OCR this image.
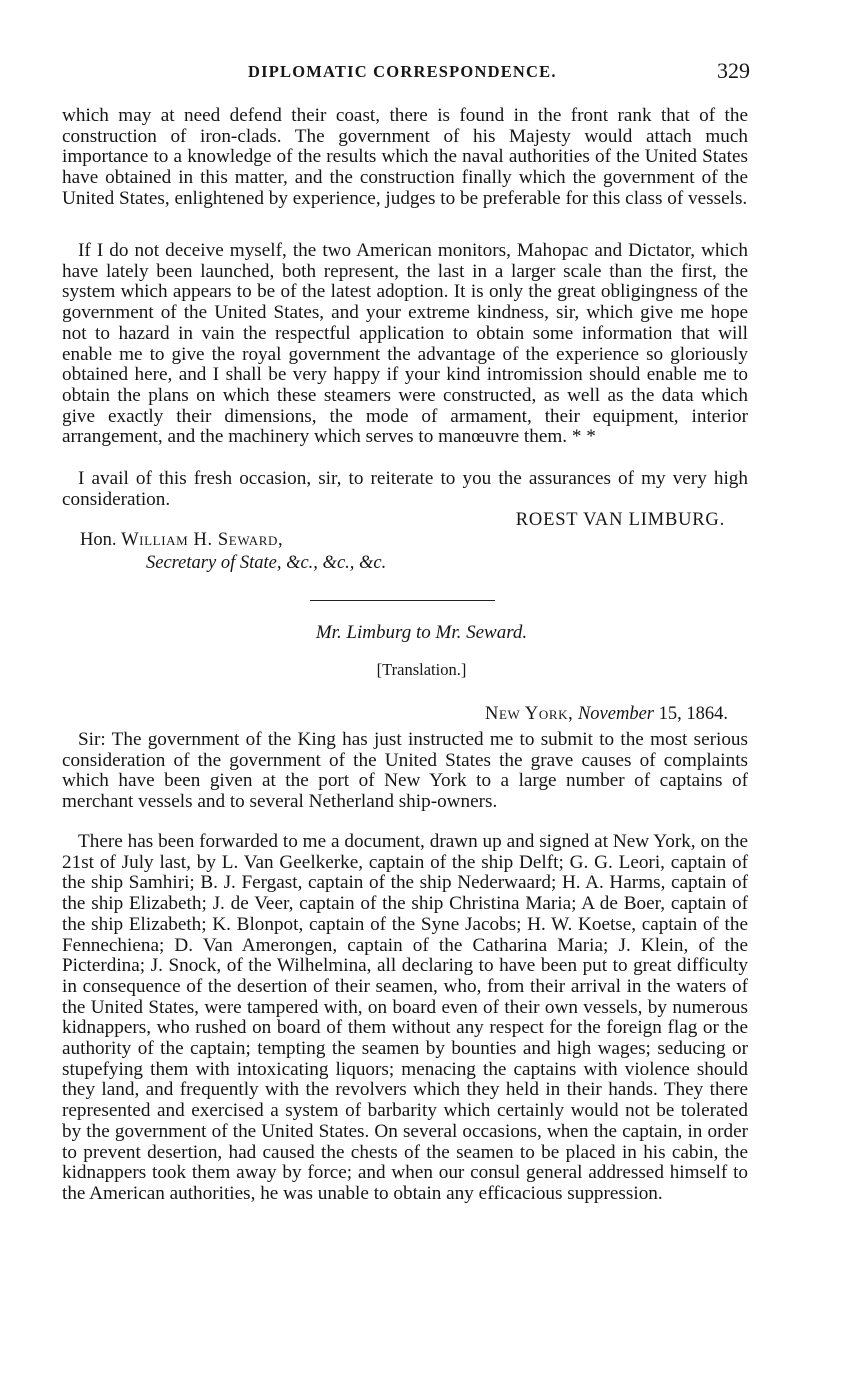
DIPLOMATIC CORRESPONDENCE.	329

which may at need defend their coast, there is found in the front rank that of the construction of iron-clads. The government of his Majesty would attach much importance to a knowledge of the results which the naval authorities of the United States have obtained in this matter, and the construction finally which the government of the United States, enlightened by experience, judges to be preferable for this class of vessels.

If I do not deceive myself, the two American monitors, Mahopac and Dictator, which have lately been launched, both represent, the last in a larger scale than the first, the system which appears to be of the latest adoption. It is only the great obligingness of the government of the United States, and your extreme kindness, sir, which give me hope not to hazard in vain the respectful application to obtain some information that will enable me to give the royal government the advantage of the experience so gloriously obtained here, and I shall be very happy if your kind intromission should enable me to obtain the plans on which these steamers were constructed, as well as the data which give exactly their dimensions, the mode of armament, their equipment, interior arrangement, and the machinery which serves to manœuvre them. * *

I avail of this fresh occasion, sir, to reiterate to you the assurances of my very high consideration.

ROEST VAN LIMBURG.
Hon. William H. Seward,
Secretary of State, &c., &c., &c.
Mr. Limburg to Mr. Seward.
[Translation.]
New York, November 15, 1864.

Sir: The government of the King has just instructed me to submit to the most serious consideration of the government of the United States the grave causes of complaints which have been given at the port of New York to a large number of captains of merchant vessels and to several Netherland ship-owners.

There has been forwarded to me a document, drawn up and signed at New York, on the 21st of July last, by L. Van Geelkerke, captain of the ship Delft; G. G. Leori, captain of the ship Samhiri; B. J. Fergast, captain of the ship Nederwaard; H. A. Harms, captain of the ship Elizabeth; J. de Veer, captain of the ship Christina Maria; A de Boer, captain of the ship Elizabeth; K. Blonpot, captain of the Syne Jacobs; H. W. Koetse, captain of the Fennechiena; D. Van Amerongen, captain of the Catharina Maria; J. Klein, of the Picterdina; J. Snock, of the Wilhelmina, all declaring to have been put to great difficulty in consequence of the desertion of their seamen, who, from their arrival in the waters of the United States, were tampered with, on board even of their own vessels, by numerous kidnappers, who rushed on board of them without any respect for the foreign flag or the authority of the captain; tempting the seamen by bounties and high wages; seducing or stupefying them with intoxicating liquors; menacing the captains with violence should they land, and frequently with the revolvers which they held in their hands. They there represented and exercised a system of barbarity which certainly would not be tolerated by the government of the United States. On several occasions, when the captain, in order to prevent desertion, had caused the chests of the seamen to be placed in his cabin, the kidnappers took them away by force; and when our consul general addressed himself to the American authorities, he was unable to obtain any efficacious suppression.
